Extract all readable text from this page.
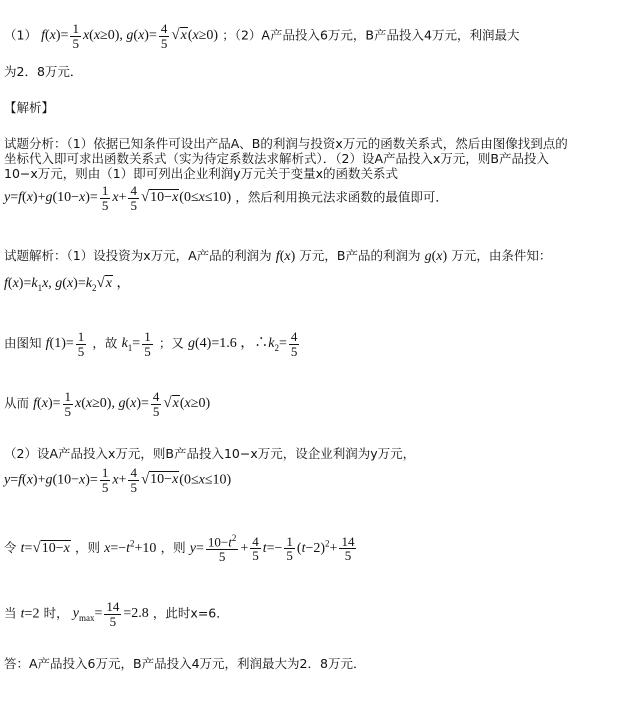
（1） $f(x)= \frac{1}{5} x(x\ge 0)$, $g(x)= \frac{4}{5} √x(x\ge 0)$ ；（2）A产品投入6万元，B产品投入4万元，利润最大
为2．8万元．
【解析】
试题分析：（1）依据已知条件可设出产品A、B的利润与投资x万元的函数关系式，然后由图像找到点的
坐标代入即可求出函数关系式（实为待定系数法求解析式）．（2）设A产品投入x万元，则B产品投入
10−x万元，则由（1）即可列出企业利润y万元关于变量x的函数关系式
$y=f(x)+g(10-x)= \frac{1}{5} x+ \frac{4}{5} √10-x(0\le x\le 10)$ ，然后利用换元法求函数的最值即可．
试题解析：（1）设投资为x万元，A产品的利润为 f(x) 万元，B产品的利润为 g(x) 万元，由条件知：
$f(x)=k_1x$, $g(x)=k_2√x$ ，
由图知 $f(1)= \frac{1}{5}$ ，故 $k_1= \frac{1}{5}$ ；又 g(4)=1.6 ，$\therefore k_2= \frac{4}{5}$
从而 $f(x)= \frac{1}{5} x(x\ge 0)$, $g(x)= \frac{4}{5} √x(x\ge 0)$
（2）设A产品投入x万元，则B产品投入10−x万元，设企业利润为y万元，
$y=f(x)+g(10-x)= \frac{1}{5} x+ \frac{4}{5} √10-x(0\le x\le 10)$
令 t=√10−x ，则 $x=-t^2+10$ ，则 $y= \frac{10-t^2}{5} + \frac{4}{5} t=- \frac{1}{5} (t-2)^2+ \frac{14}{5}$
当 t=2 时， $y_{max}= \frac{14}{5} =2.8$ ，此时x=6．
答：A产品投入6万元，B产品投入4万元，利润最大为2．8万元．
